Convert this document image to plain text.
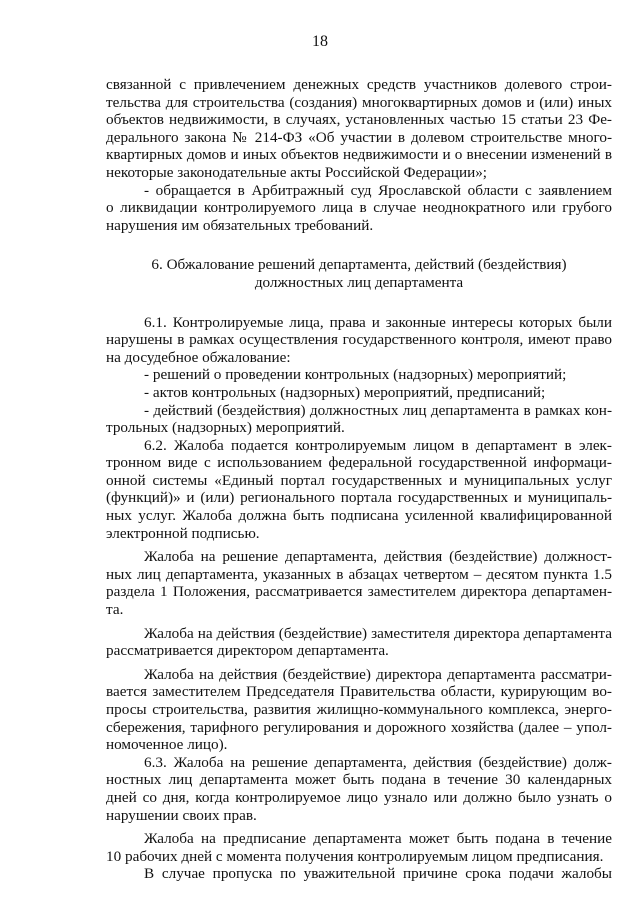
18
связанной с привлечением денежных средств участников долевого строи-
тельства для строительства (создания) многоквартирных домов и (или) иных
объектов недвижимости, в случаях, установленных частью 15 статьи 23 Фе-
дерального закона № 214-ФЗ «Об участии в долевом строительстве много-
квартирных домов и иных объектов недвижимости и о внесении изменений в
некоторые законодательные акты Российской Федерации»;
- обращается в Арбитражный суд Ярославской области с заявлением
о ликвидации контролируемого лица в случае неоднократного или грубого
нарушения им обязательных требований.
6. Обжалование решений департамента, действий (бездействия)
должностных лиц департамента
6.1. Контролируемые лица, права и законные интересы которых были
нарушены в рамках осуществления государственного контроля, имеют право
на досудебное обжалование:
- решений о проведении контрольных (надзорных) мероприятий;
- актов контрольных (надзорных) мероприятий, предписаний;
- действий (бездействия) должностных лиц департамента в рамках кон-
трольных (надзорных) мероприятий.
6.2. Жалоба подается контролируемым лицом в департамент в элек-
тронном виде с использованием федеральной государственной информаци-
онной системы «Единый портал государственных и муниципальных услуг
(функций)» и (или) регионального портала государственных и муниципаль-
ных услуг. Жалоба должна быть подписана усиленной квалифицированной
электронной подписью.
Жалоба на решение департамента, действия (бездействие) должност-
ных лиц департамента, указанных в абзацах четвертом – десятом пункта 1.5
раздела 1 Положения, рассматривается заместителем директора департамен-
та.
Жалоба на действия (бездействие) заместителя директора департамента
рассматривается директором департамента.
Жалоба на действия (бездействие) директора департамента рассматри-
вается заместителем Председателя Правительства области, курирующим во-
просы строительства, развития жилищно-коммунального комплекса, энерго-
сбережения, тарифного регулирования и дорожного хозяйства (далее – упол-
номоченное лицо).
6.3. Жалоба на решение департамента, действия (бездействие) долж-
ностных лиц департамента может быть подана в течение 30 календарных
дней со дня, когда контролируемое лицо узнало или должно было узнать о
нарушении своих прав.
Жалоба на предписание департамента может быть подана в течение
10 рабочих дней с момента получения контролируемым лицом предписания.
В случае пропуска по уважительной причине срока подачи жалобы
